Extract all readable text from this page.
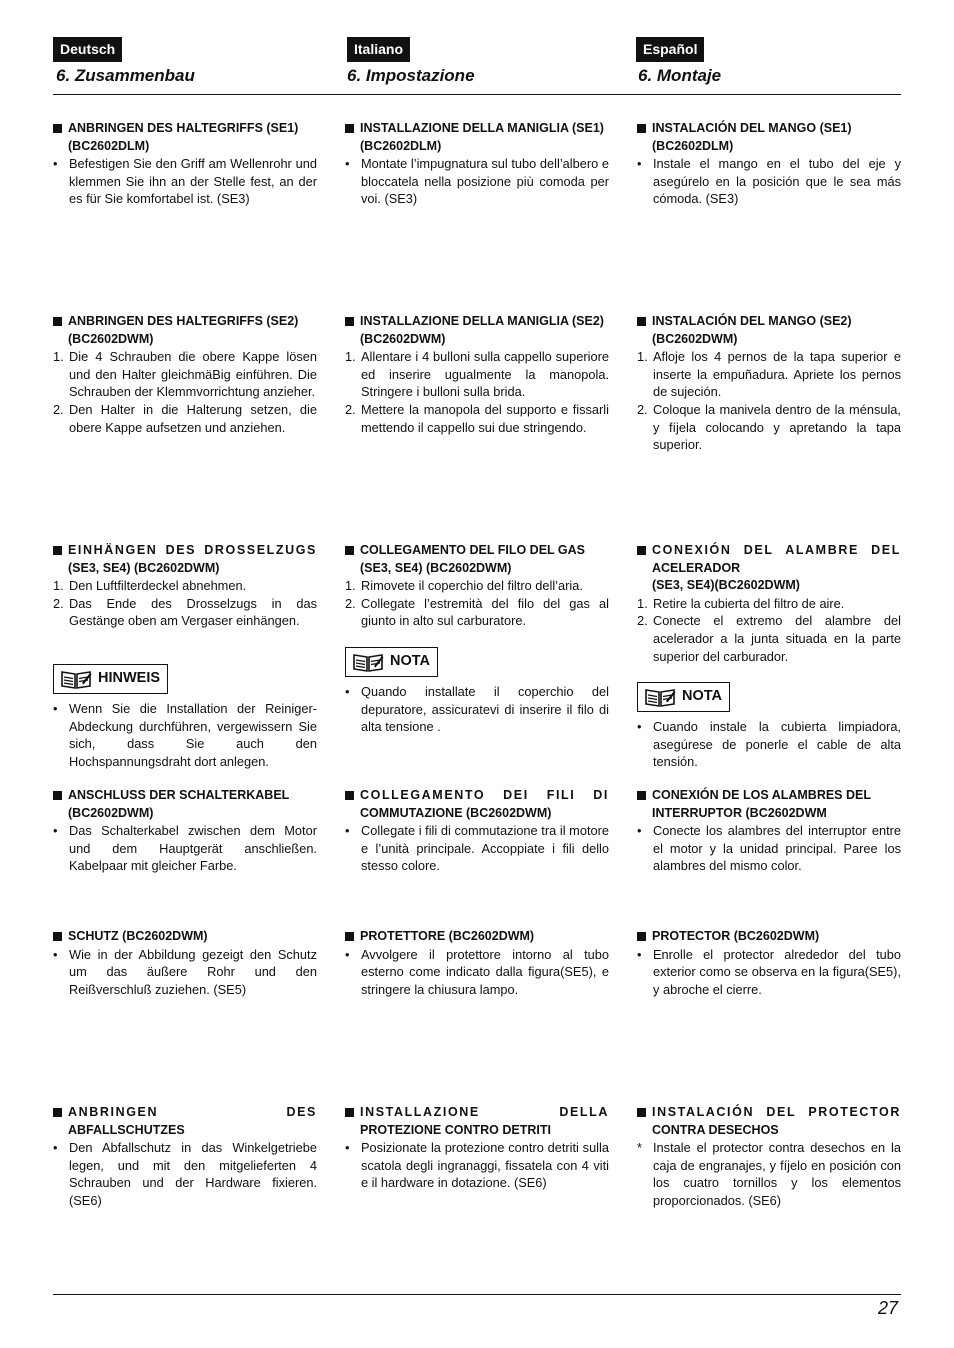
Deutsch
6. Zusammenbau
ANBRINGEN DES HALTEGRIFFS (SE1)
(BC2602DLM)
• Befestigen Sie den Griff am Wellenrohr und klemmen Sie ihn an der Stelle fest, an der es für Sie komfortabel ist. (SE3)
ANBRINGEN DES HALTEGRIFFS (SE2)
(BC2602DWM)
1. Die 4 Schrauben die obere Kappe lösen und den Halter gleichmäBig einführen. Die Schrauben der Klemmvorrichtung anzieher.
2. Den Halter in die Halterung setzen, die obere Kappe aufsetzen und anziehen.
EINHÄNGEN DES DROSSELZUGS
(SE3, SE4) (BC2602DWM)
1. Den Luftfilterdeckel abnehmen.
2. Das Ende des Drosselzugs in das Gestänge oben am Vergaser einhängen.
HINWEIS
• Wenn Sie die Installation der Reiniger-Abdeckung durchführen, vergewissern Sie sich, dass Sie auch den Hochspannungsdraht dort anlegen.
ANSCHLUSS DER SCHALTERKABEL
(BC2602DWM)
• Das Schalterkabel zwischen dem Motor und dem Hauptgerät anschließen. Kabelpaar mit gleicher Farbe.
SCHUTZ (BC2602DWM)
• Wie in der Abbildung gezeigt den Schutz um das äußere Rohr und den Reißverschluß zuziehen. (SE5)
ANBRINGEN DES
ABFALLSCHUTZES
• Den Abfallschutz in das Winkelgetriebe legen, und mit den mitgelieferten 4 Schrauben und der Hardware fixieren. (SE6)
Italiano
6. Impostazione
INSTALLAZIONE DELLA MANIGLIA (SE1)
(BC2602DLM)
• Montate l’impugnatura sul tubo dell’albero e bloccatela nella posizione più comoda per voi. (SE3)
INSTALLAZIONE DELLA MANIGLIA (SE2)
(BC2602DWM)
1. Allentare i 4 bulloni sulla cappello superiore ed inserire ugualmente la manopola. Stringere i bulloni sulla brida.
2. Mettere la manopola del supporto e fissarli mettendo il cappello sui due stringendo.
COLLEGAMENTO DEL FILO DEL GAS
(SE3, SE4) (BC2602DWM)
1. Rimovete il coperchio del filtro dell’aria.
2. Collegate l’estremità del filo del gas al giunto in alto sul carburatore.
NOTA
• Quando installate il coperchio del depuratore, assicuratevi di inserire il filo di alta tensione .
COLLEGAMENTO DEI FILI DI
COMMUTAZIONE (BC2602DWM)
• Collegate i fili di commutazione tra il motore e l’unità principale. Accoppiate i fili dello stesso colore.
PROTETTORE (BC2602DWM)
• Avvolgere il protettore intorno al tubo esterno come indicato dalla figura(SE5), e stringere la chiusura lampo.
INSTALLAZIONE DELLA
PROTEZIONE CONTRO DETRITI
• Posizionate la protezione contro detriti sulla scatola degli ingranaggi, fissatela con 4 viti e il hardware in dotazione. (SE6)
Español
6. Montaje
INSTALACIÓN DEL MANGO (SE1)
(BC2602DLM)
• Instale el mango en el tubo del eje y asegúrelo en la posición que le sea más cómoda. (SE3)
INSTALACIÓN DEL MANGO (SE2)
(BC2602DWM)
1. Afloje los 4 pernos de la tapa superior e inserte la empuñadura. Apriete los pernos de sujeción.
2. Coloque la manivela dentro de la ménsula, y fíjela colocando y apretando la tapa superior.
CONEXIÓN DEL ALAMBRE DEL
ACELERADOR
(SE3, SE4)(BC2602DWM)
1. Retire la cubierta del filtro de aire.
2. Conecte el extremo del alambre del acelerador a la junta situada en la parte superior del carburador.
NOTA
• Cuando instale la cubierta limpiadora, asegúrese de ponerle el cable de alta tensión.
CONEXIÓN DE LOS ALAMBRES DEL
INTERRUPTOR (BC2602DWM
• Conecte los alambres del interruptor entre el motor y la unidad principal. Paree los alambres del mismo color.
PROTECTOR (BC2602DWM)
• Enrolle el protector alrededor del tubo exterior como se observa en la figura(SE5), y abroche el cierre.
INSTALACIÓN DEL PROTECTOR
CONTRA DESECHOS
* Instale el protector contra desechos en la caja de engranajes, y fíjelo en posición con los cuatro tornillos y los elementos proporcionados. (SE6)
27
